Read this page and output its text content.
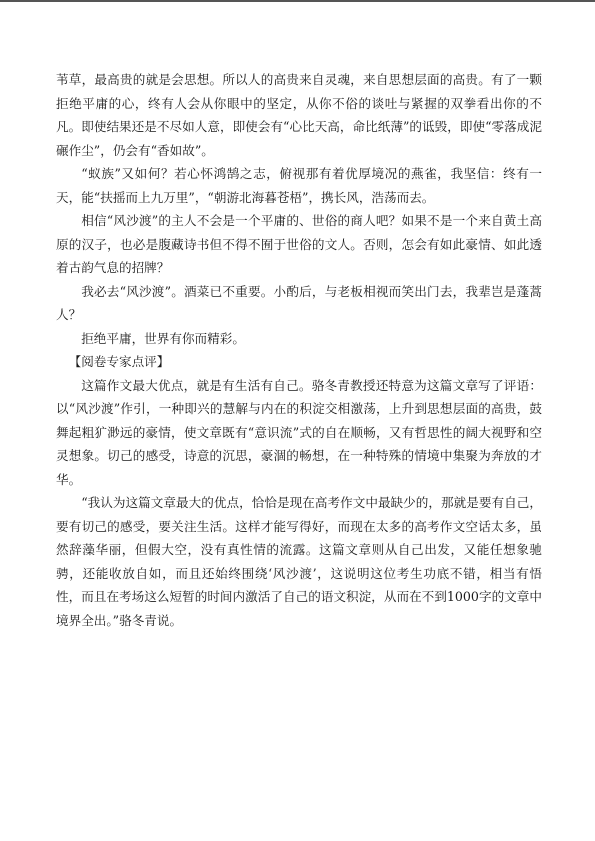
苇草，最高贵的就是会思想。所以人的高贵来自灵魂，来自思想层面的高贵。有了一颗拒绝平庸的心，终有人会从你眼中的坚定，从你不俗的谈吐与紧握的双拳看出你的不凡。即使结果还是不尽如人意，即使会有“心比天高，命比纸薄”的诋毁，即使“零落成泥碾作尘”，仍会有“香如故”。

“蚁族”又如何？若心怀鸿鹄之志，俯视那有着优厚境况的燕雀，我坚信：终有一天，能“扶摇而上九万里”，“朝游北海暮苍梧”，携长风，浩荡而去。

相信“风沙渡”的主人不会是一个平庸的、世俗的商人吧？如果不是一个来自黄土高原的汉子，也必是腹藏诗书但不得不囿于世俗的文人。否则，怎会有如此豪情、如此透着古韵气息的招牌？

我必去“风沙渡”。酒菜已不重要。小酌后，与老板相视而笑出门去，我辈岂是蓬蒿人？

拒绝平庸，世界有你而精彩。

【阅卷专家点评】

这篇作文最大优点，就是有生活有自己。骆冬青教授还特意为这篇文章写了评语：以“风沙渡”作引，一种即兴的慧解与内在的积淀交相激荡，上升到思想层面的高贵，鼓舞起粗犷渺远的豪情，使文章既有“意识流”式的自在顺畅，又有哲思性的阔大视野和空灵想象。切己的感受，诗意的沉思，豪涸的畅想，在一种特殊的情境中集聚为奔放的才华。

“我认为这篇文章最大的优点，恰恰是现在高考作文中最缺少的，那就是要有自己，要有切己的感受，要关注生活。这样才能写得好，而现在太多的高考作文空话太多，虽然辞藻华丽，但假大空，没有真性情的流露。这篇文章则从自己出发，又能任想象驰骋，还能收放自如，而且还始终围绕‘风沙渡’，这说明这位考生功底不错，相当有悟性，而且在考场这么短暂的时间内激活了自己的语文积淀，从而在不到1000字的文章中境界全出。”骆冬青说。
